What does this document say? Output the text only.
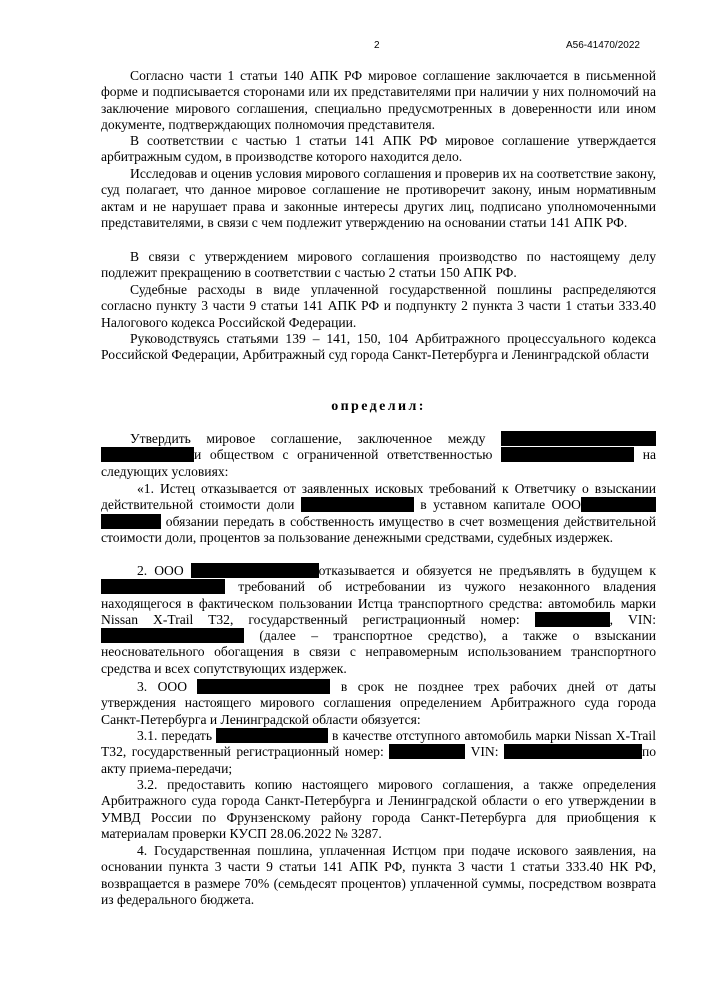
2	А56-41470/2022

Согласно части 1 статьи 140 АПК РФ мировое соглашение заключается в письменной форме и подписывается сторонами или их представителями при наличии у них полномочий на заключение мирового соглашения, специально предусмотренных в доверенности или ином документе, подтверждающих полномочия представителя.

В соответствии с частью 1 статьи 141 АПК РФ мировое соглашение утверждается арбитражным судом, в производстве которого находится дело.

Исследовав и оценив условия мирового соглашения и проверив их на соответствие закону, суд полагает, что данное мировое соглашение не противоречит закону, иным нормативным актам и не нарушает права и законные интересы других лиц, подписано уполномоченными представителями, в связи с чем подлежит утверждению на основании статьи 141 АПК РФ.

В связи с утверждением мирового соглашения производство по настоящему делу подлежит прекращению в соответствии с частью 2 статьи 150 АПК РФ.

Судебные расходы в виде уплаченной государственной пошлины распределяются согласно пункту 3 части 9 статьи 141 АПК РФ и подпункту 2 пункта 3 части 1 статьи 333.40 Налогового кодекса Российской Федерации.

Руководствуясь статьями 139 – 141, 150, 104 Арбитражного процессуального кодекса Российской Федерации, Арбитражный суд города Санкт-Петербурга и Ленинградской области

определил:

Утвердить мировое соглашение, заключенное между  и обществом с ограниченной ответственностью	на следующих условиях:

«1. Истец отказывается от заявленных исковых требований к Ответчику о взыскании действительной стоимости доли	в уставном капитале ООО  обязании передать в собственность имущество в счет возмещения действительной стоимости доли, процентов за пользование денежными средствами, судебных издержек.

2. ООО	отказывается и обязуется не предъявлять в будущем к  требований об истребовании из чужого незаконного владения находящегося в фактическом пользовании Истца транспортного средства: автомобиль марки Nissan X-Trail T32, государственный регистрационный номер:	, VIN:  (далее – транспортное средство), а также о взыскании неосновательного обогащения в связи с неправомерным использованием транспортного средства и всех сопутствующих издержек.

3. ООО	в срок не позднее трех рабочих дней от даты утверждения настоящего мирового соглашения определением Арбитражного суда города Санкт-Петербурга и Ленинградской области обязуется:

3.1. передать	в качестве отступного автомобиль марки Nissan X-Trail T32, государственный регистрационный номер:	VIN:	по акту приема-передачи;

3.2. предоставить копию настоящего мирового соглашения, а также определения Арбитражного суда города Санкт-Петербурга и Ленинградской области о его утверждении в УМВД России по Фрунзенскому району города Санкт-Петербурга для приобщения к материалам проверки КУСП 28.06.2022 № 3287.

4. Государственная пошлина, уплаченная Истцом при подаче искового заявления, на основании пункта 3 части 9 статьи 141 АПК РФ, пункта 3 части 1 статьи 333.40 НК РФ, возвращается в размере 70% (семьдесят процентов) уплаченной суммы, посредством возврата из федерального бюджета.
